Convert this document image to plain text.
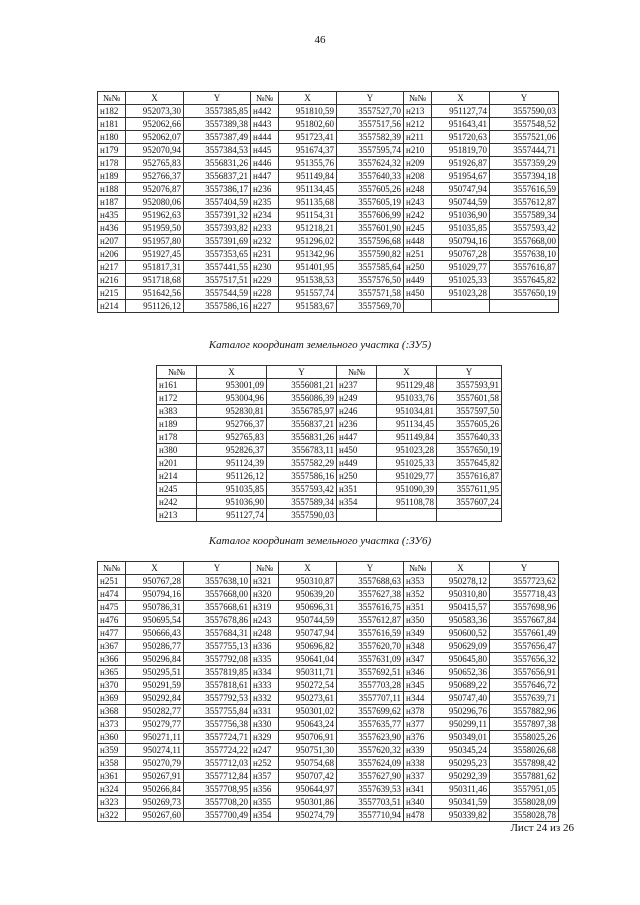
46
№№	X	Y	№№	X	Y	№№	X	Y
н182	952073,30	3557385,85	н442	951810,59	3557527,70	н213	951127,74	3557590,03
н181	952062,66	3557389,38	н443	951802,60	3557517,56	н212	951643,41	3557548,52
н180	952062,07	3557387,49	н444	951723,41	3557582,39	н211	951720,63	3557521,06
н179	952070,94	3557384,53	н445	951674,37	3557595,74	н210	951819,70	3557444,71
н178	952765,83	3556831,26	н446	951355,76	3557624,32	н209	951926,87	3557359,29
н189	952766,37	3556837,21	н447	951149,84	3557640,33	н208	951954,67	3557394,18
н188	952076,87	3557386,17	н236	951134,45	3557605,26	н248	950747,94	3557616,59
н187	952080,06	3557404,59	н235	951135,68	3557605,19	н243	950744,59	3557612,87
н435	951962,63	3557391,32	н234	951154,31	3557606,99	н242	951036,90	3557589,34
н436	951959,50	3557393,82	н233	951218,21	3557601,90	н245	951035,85	3557593,42
н207	951957,80	3557391,69	н232	951296,02	3557596,68	н448	950794,16	3557668,00
н206	951927,45	3557353,65	н231	951342,96	3557590,82	н251	950767,28	3557638,10
н217	951817,31	3557441,55	н230	951401,95	3557585,64	н250	951029,77	3557616,87
н216	951718,68	3557517,51	н229	951538,53	3557576,50	н449	951025,33	3557645,82
н215	951642,56	3557544,59	н228	951557,74	3557571,58	н450	951023,28	3557650,19
н214	951126,12	3557586,16	н227	951583,67	3557569,70			
Каталог координат земельного участка (:ЗУ5)
№№	X	Y	№№	X	Y
н161	953001,09	3556081,21	н237	951129,48	3557593,91
н172	953004,96	3556086,39	н249	951033,76	3557601,58
н383	952830,81	3556785,97	н246	951034,81	3557597,50
н189	952766,37	3556837,21	н236	951134,45	3557605,26
н178	952765,83	3556831,26	н447	951149,84	3557640,33
н380	952826,37	3556783,11	н450	951023,28	3557650,19
н201	951124,39	3557582,29	н449	951025,33	3557645,82
н214	951126,12	3557586,16	н250	951029,77	3557616,87
н245	951035,85	3557593,42	н351	951090,39	3557611,95
н242	951036,90	3557589,34	н354	951108,78	3557607,24
н213	951127,74	3557590,03			
Каталог координат земельного участка (:ЗУ6)
№№	X	Y	№№	X	Y	№№	X	Y
н251	950767,28	3557638,10	н321	950310,87	3557688,63	н353	950278,12	3557723,62
н474	950794,16	3557668,00	н320	950639,20	3557627,38	н352	950310,80	3557718,43
н475	950786,31	3557668,61	н319	950696,31	3557616,75	н351	950415,57	3557698,96
н476	950695,54	3557678,86	н243	950744,59	3557612,87	н350	950583,36	3557667,84
н477	950666,43	3557684,31	н248	950747,94	3557616,59	н349	950600,52	3557661,49
н367	950286,77	3557755,13	н336	950696,82	3557620,70	н348	950629,09	3557656,47
н366	950296,84	3557792,08	н335	950641,04	3557631,09	н347	950645,80	3557656,32
н365	950295,51	3557819,85	н334	950311,71	3557692,51	н346	950652,36	3557656,91
н370	950291,59	3557818,61	н333	950272,54	3557703,28	н345	950689,22	3557646,72
н369	950292,84	3557792,53	н332	950273,61	3557707,11	н344	950747,40	3557639,71
н368	950282,77	3557755,84	н331	950301,02	3557699,62	н378	950296,76	3557882,96
н373	950279,77	3557756,38	н330	950643,24	3557635,77	н377	950299,11	3557897,38
н360	950271,11	3557724,71	н329	950706,91	3557623,90	н376	950349,01	3558025,26
н359	950274,11	3557724,22	н247	950751,30	3557620,32	н339	950345,24	3558026,68
н358	950270,79	3557712,03	н252	950754,68	3557624,09	н338	950295,23	3557898,42
н361	950267,91	3557712,84	н357	950707,42	3557627,90	н337	950292,39	3557881,62
н324	950266,84	3557708,95	н356	950644,97	3557639,53	н341	950311,46	3557951,05
н323	950269,73	3557708,20	н355	950301,86	3557703,51	н340	950341,59	3558028,09
н322	950267,60	3557700,49	н354	950274,79	3557710,94	н478	950339,82	3558028,78
Лист 24 из 26
